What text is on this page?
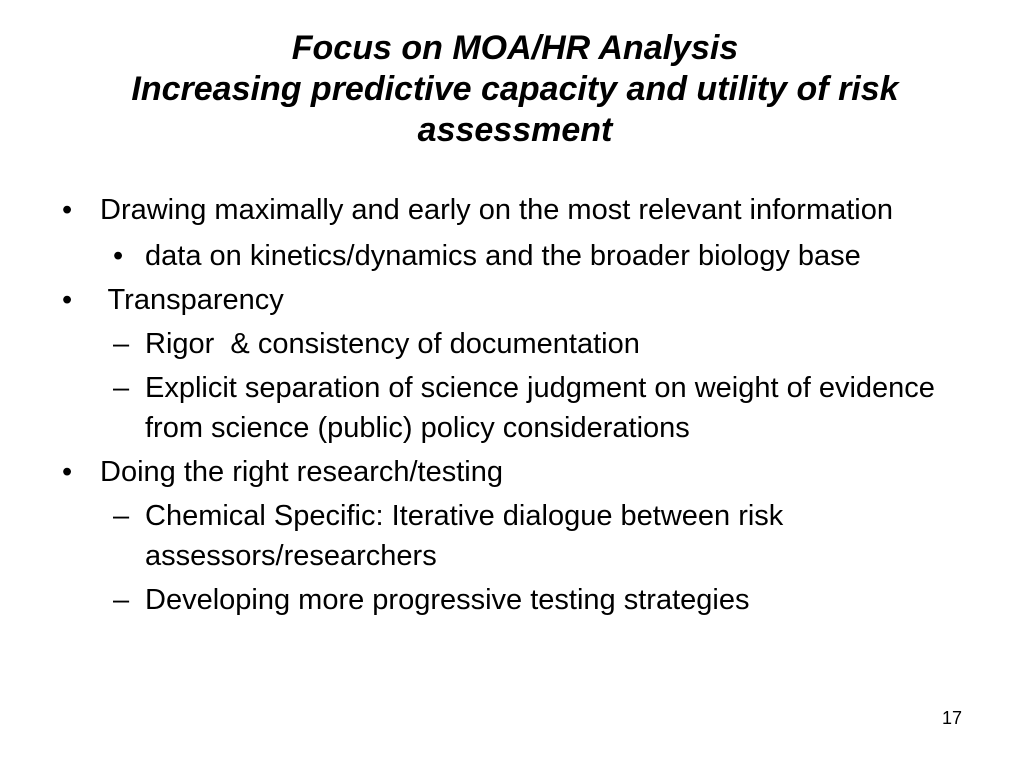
Focus on MOA/HR Analysis
Increasing predictive capacity and utility of risk assessment
• Drawing maximally and early on the most relevant information
• data on kinetics/dynamics and the broader biology base
• Transparency
– Rigor  & consistency of documentation
– Explicit separation of science judgment on weight of evidence from science (public) policy considerations
• Doing the right research/testing
– Chemical Specific: Iterative dialogue between risk assessors/researchers
– Developing more progressive testing strategies
17
